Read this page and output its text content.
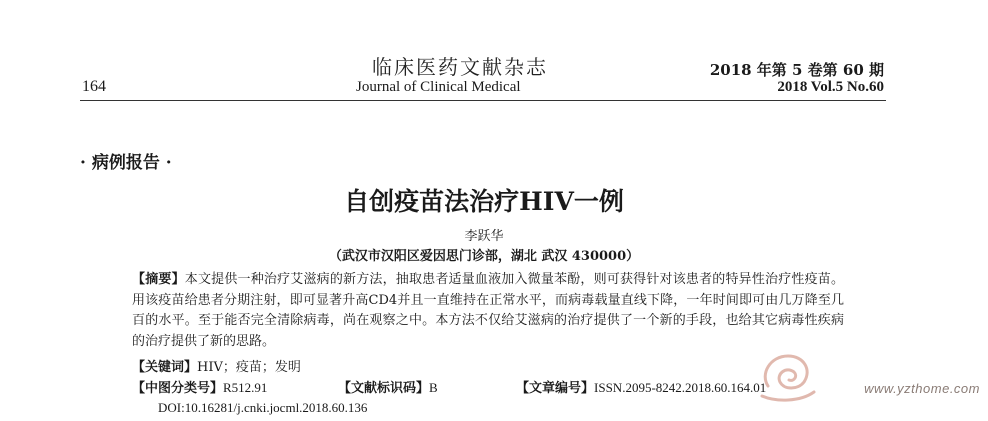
临床医药文献杂志
164	Journal of Clinical Medical
2018 年第 5 卷第 60 期
2018 Vol.5 No.60
· 病例报告 ·
自创疫苗法治疗HIV一例
李跃华
（武汉市汉阳区爱因思门诊部，湖北 武汉 430000）
【摘要】本文提供一种治疗艾滋病的新方法，抽取患者适量血液加入微量苯酚，则可获得针对该患者的特异性治疗性疫苗。用该疫苗给患者分期注射，即可显著升高CD4并且一直维持在正常水平，而病毒载量直线下降，一年时间即可由几万降至几百的水平。至于能否完全清除病毒，尚在观察之中。本方法不仅给艾滋病的治疗提供了一个新的手段，也给其它病毒性疾病的治疗提供了新的思路。
【关键词】HIV；疫苗；发明
【中图分类号】R512.91	【文献标识码】B	【文章编号】ISSN.2095-8242.2018.60.164.01
DOI:10.16281/j.cnki.jocml.2018.60.136
www.yzthome.com
